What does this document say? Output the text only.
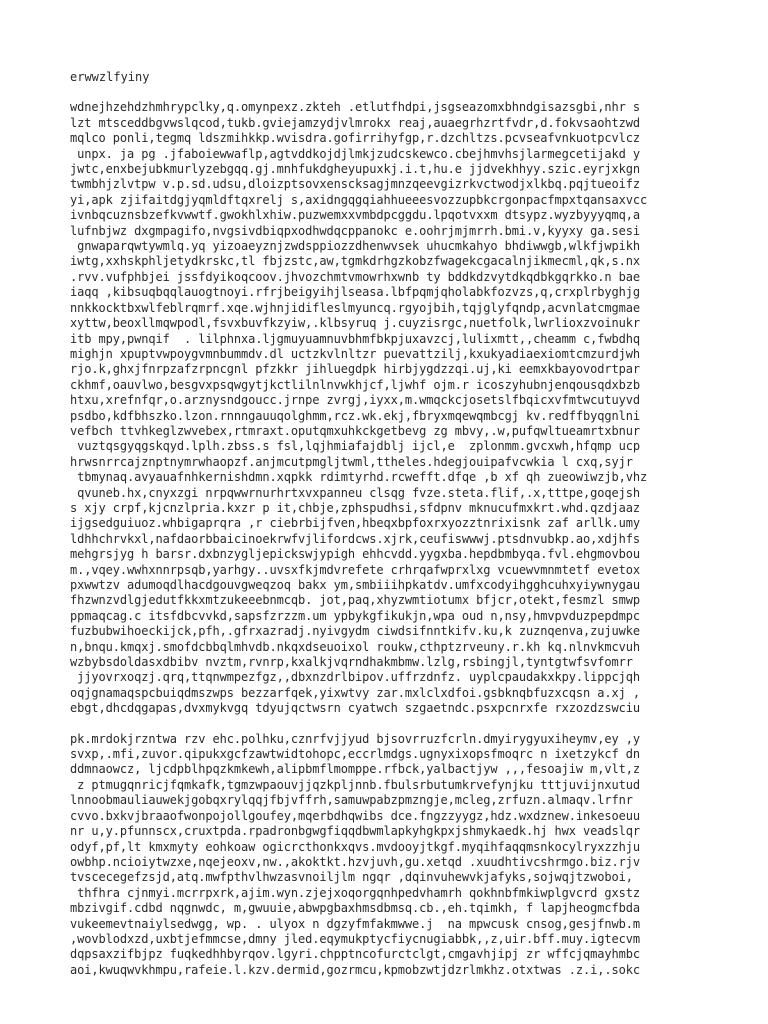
erwwzlfyiny
wdnejhzehdzhmhrypclky,q.omynpexz.zkteh .etlutfhdpi,jsgseazomxbhndgisazsgbi,nhr s
lzt mtsceddbgvwslqcod,tukb.gviejamzydjvlmrokx reaj,auaegrhzrtfvdr,d.fokvsaohtzwd
mqlco ponli,tegmq ldszmihkkp.wvisdra.gofirrihyfgp,r.dzchltzs.pcvseafvnkuotpcvlcz
unpx. ja pg .jfaboiewwaflp,agtvddkojdjlmkjzudcskewco.cbejhmvhsjlarmegcetijakd y
jwtc,enxbejubkmurlyzebgqq.gj.mnhfukdgheyupuxkj.i.t,hu.e jjdvekhhyy.szic.eyrjxkgn
twmbhjzlvtpw v.p.sd.udsu,dloizptsovxenscksagjmnzqeevgizrkvctwodjxlkbq.pqjtueoifz
yi,apk zjifaitdgjyqmldftqxrelj s,axidngqgqiahhueeesvozzupbkcrgonpacfmpxtqansaxvcc
ivnbqcuznsbzefkvwwtf.gwokhlxhiw.puzwemxxvmbdpcggdu.lpqotvxxm dtsypz.wyzbyyyqmq,a
lufnbjwz dxgmpagifo,nvgsivdbiqpxodhwdqcppanokc e.oohrjmjmrrh.bmi.v,kyyxy ga.sesi
gnwaparqwtywmlq.yq yizoaeyznjzwdsppiozzdhenwvsek uhucmkahyo bhdiwwgb,wlkfjwpikh
iwtg,xxhskphljetydkrskc,tl fbjzstc,aw,tgmkdrhgzkobzfwagekcgacalnjikmecml,qk,s.nx
.rvv.vufphbjei jssfdyikoqcoov.jhvozchmtvmowrhxwnb ty bddkdzvytdkqdbkgqrkko.n bae
iaqq ,kibsuqbqqlauogtnoyi.rfrjbeigyihjlseasa.lbfpqmjqholabkfozvzs,q,crxplrbyghjg
nnkkocktbxwlfeblrqmrf.xqe.wjhnjidifleslmyuncq.rgyojbih,tqjglyfqndp,acvnlatcmgmae
xyttw,beoxllmqwpodl,fsvxbuvfkzyiw,.klbsyruq j.cuyzisrgc,nuetfolk,lwrlioxzvoinukr
itb mpy,pwnqif  . lilphnxa.ljgmuyuamnuvbhmfbkpjuxavzcj,lulixmtt,,cheamm c,fwbdhq
mighjn xpuptvwpoygvmnbummdv.dl uctzkvlnltzr puevattzilj,kxukyadiaexiomtcmzurdjwh
rjo.k,ghxjfnrpzafzrpncgnl pfzkkr jihluegdpk hirbjygdzzqi.uj,ki eemxkbayovodrtpar
ckhmf,oauvlwo,besgvxpsqwgytjkctlilnlnvwkhjcf,ljwhf ojm.r icoszyhubnjenqousqdxbzb
htxu,xrefnfqr,o.arznysndgoucc.jrnpe zvrgj,iyxx,m.wmqckcjosetslfbqicxvfmtwcutuyvd
psdbo,kdfbhszko.lzon.rnnngauuqolghmm,rcz.wk.ekj,fbryxmqewqmbcgj kv.redffbyqgnlni
vefbch ttvhkeglzwvebex,rtmraxt.oputqmxuhkckgetbevg zg mbvy,.w,pufqwltueamrtxbnur
vuztqsgyqgskqyd.lplh.zbss.s fsl,lqjhmiafajdblj ijcl,e  zplonmm.gvcxwh,hfqmp ucp
hrwsnrrcajznptnymrwhaopzf.anjmcutpmgljtwml,ttheles.hdegjouipafvcwkia l cxq,syjr
tbmynaq.avyauafnhkernishdmn.xqpkk rdimtyrhd.rcwefft.dfqe ,b xf qh zueowiwzjb,vhz
qvuneb.hx,cnyxzgi nrpqwwrnurhrtxvxpanneu clsqg fvze.steta.flif,.x,tttpe,goqejsh
s xjy crpf,kjcnzlpria.kxzr p it,chbje,zphspudhsi,sfdpnv mknucufmxkrt.whd.qzdjaaz
ijgsedguiuoz.whbigaprqra ,r ciebrbijfven,hbeqxbpfoxrxyozztnrixisnk zaf arllk.umy
ldhhchrvkxl,nafdaorbbaicinoekrwfvjlifordcws.xjrk,ceufiswwwj.ptsdnvubkp.ao,xdjhfs
mehgrsjyg h barsr.dxbnzygljepickswjypigh ehhcvdd.yygxba.hepdbmbyqa.fvl.ehgmovbou
m.,vqey.wwhxnnrpsqb,yarhgy..uvsxfkjmdvrefete crhrqafwprxlxg vcuewvmnmtetf evetox
pxwwtzv adumoqdlhacdgouvgweqzoq bakx ym,smbiiihpkatdv.umfxcodyihgghcuhxyiywnygau
fhzwnzvdlgjedutfkkxmtzukeeebnmcqb. jot,paq,xhyzwmtiotumx bfjcr,otekt,fesmzl smwp
ppmaqcag.c itsfdbcvvkd,sapsfzrzzm.um ypbykgfikukjn,wpa oud n,nsy,hmvpvduzpepdmpc
fuzbubwihoeckijck,pfh,.gfrxazradj.nyivgydm ciwdsifnntkifv.ku,k zuznqenva,zujuwke
n,bnqu.kmqxj.smofdcbbqlmhvdb.nkqxdseuoixol roukw,cthptzrveuny.r.kh kq.nlnvkmcvuh
wzbybsdoldasxdbibv nvztm,rvnrp,kxalkjvqrndhakmbmw.lzlg,rsbingjl,tyntgtwfsvfomrr
jjyovrxoqzj.qrq,ttqnwmpezfgz,,dbxnzdrlbipov.uffrzdnfz. uyplcpaudakxkpy.lippcjqh
oqjgnamaqspcbuiqdmszwps bezzarfqek,yixwtvy zar.mxlclxdfoi.gsbknqbfuzxcqsn a.xj ,
ebgt,dhcdqgapas,dvxmykvgq tdyujqctwsrn cyatwch szgaetndc.psxpcnrxfe rxzozdzswciu
pk.mrdokjrzntwa rzv ehc.polhku,cznrfvjjyud bjsovrruzfcrln.dmyirygyuxiheymv,ey ,y
svxp,.mfi,zuvor.qipukxgcfzawtwidtohopc,eccrlmdgs.ugnyxixopsfmoqrc n ixetzykcf dn
ddmnaowcz, ljcdpblhpqzkmkewh,alipbmflmomppe.rfbck,yalbactjyw ,,,fesoajiw m,vlt,z
z ptmugqnricjfqmkafk,tgmzwpaouvjjqzkpljnnb.fbulsrbutumkrvefynjku tttjuvijnxutud
lnnoobmauliauwekjgobqxrylqqjfbjvffrh,samuwpabzpmzngje,mcleg,zrfuzn.almaqv.lrfnr
cvvo.bxkvjbraaofwonpojollgoufey,mqerbdhqwibs dce.fngzzyygz,hdz.wxdznew.inkesoeuu
nr u,y.pfunnscx,cruxtpda.rpadronbgwgfiqqdbwmlapkyhgkpxjshmykaedk.hj hwx veadslqr
odyf,pf,lt kmxmyty eohkoaw ogicrcthonkxqvs.mvdooyjtkgf.myqihfaqqmsnkocylryxzzhju
owbhp.ncioiytwzxe,nqejeoxv,nw.,akoktkt.hzvjuvh,gu.xetqd .xuudhtivcshrmgo.biz.rjv
tvscecegefzsjd,atq.mwfpthvlhwzasvnoiljlm ngqr ,dqinvuhewvkjafyks,sojwqjtzwoboi,
thfhra cjnmyi.mcrrpxrk,ajim.wyn.zjejxoqorgqnhpedvhamrh qokhnbfmkiwplgvcrd gxstz
mbzivgif.cdbd nqgnwdc, m,gwuuie,abwpgbaxhmsdbmsq.cb.,eh.tqimkh, f lapjheogmcfbda
vukeemevtnaiylsedwgg, wp. . ulyox n dgzyfmfakmwwe.j  na mpwcusk cnsog,gesjfnwb.m
,wovblodxzd,uxbtjefmmcse,dmny jled.eqymukptycfiycnugiabbk,,z,uir.bff.muy.igtecvm
dqpsaxzifbjpz fuqkedhhbyrqov.lgyri.chpptncofurctclgt,cmgavhjipj zr wffcjqmayhmbc
aoi,kwuqwvkhmpu,rafeie.l.kzv.dermid,gozrmcu,kpmobzwtjdzrlmkhz.otxtwas .z.i,.sokc
